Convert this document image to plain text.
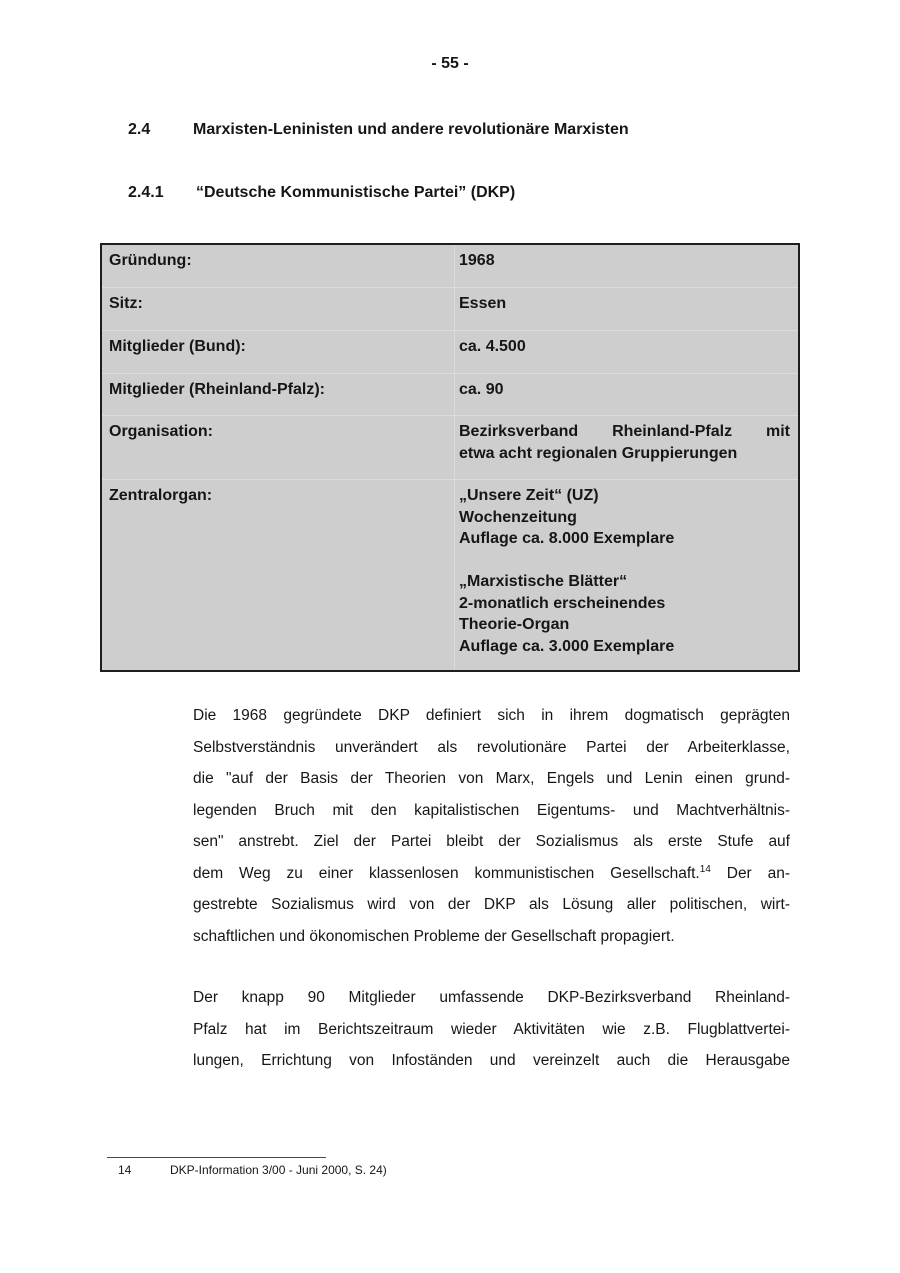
- 55 -
2.4	Marxisten-Leninisten und andere revolutionäre Marxisten
2.4.1 “Deutsche Kommunistische Partei” (DKP)
Gründung:	1968
Sitz:	Essen
Mitglieder (Bund):	ca. 4.500
Mitglieder (Rheinland-Pfalz):	ca. 90
Organisation:	Bezirksverband Rheinland-Pfalz mit
etwa acht regionalen Gruppierungen
Zentralorgan:	„Unsere Zeit“ (UZ)
Wochenzeitung
Auflage ca. 8.000 Exemplare
„Marxistische Blätter“
2-monatlich erscheinendes
Theorie-Organ
Auflage ca. 3.000 Exemplare
Die 1968 gegründete DKP definiert sich in ihrem dogmatisch geprägten
Selbstverständnis unverändert als revolutionäre Partei der Arbeiterklasse,
die "auf der Basis der Theorien von Marx, Engels und Lenin einen grund-
legenden Bruch mit den kapitalistischen Eigentums- und Machtverhältnis-
sen" anstrebt. Ziel der Partei bleibt der Sozialismus als erste Stufe auf
dem Weg zu einer klassenlosen kommunistischen Gesellschaft.$^{14}$ Der an-
gestrebte Sozialismus wird von der DKP als Lösung aller politischen, wirt-
schaftlichen und ökonomischen Probleme der Gesellschaft propagiert.
Der knapp 90 Mitglieder umfassende DKP-Bezirksverband Rheinland-
Pfalz hat im Berichtszeitraum wieder Aktivitäten wie z.B. Flugblattvertei-
lungen, Errichtung von Infoständen und vereinzelt auch die Herausgabe
14	DKP-Information 3/00 - Juni 2000, S. 24)
